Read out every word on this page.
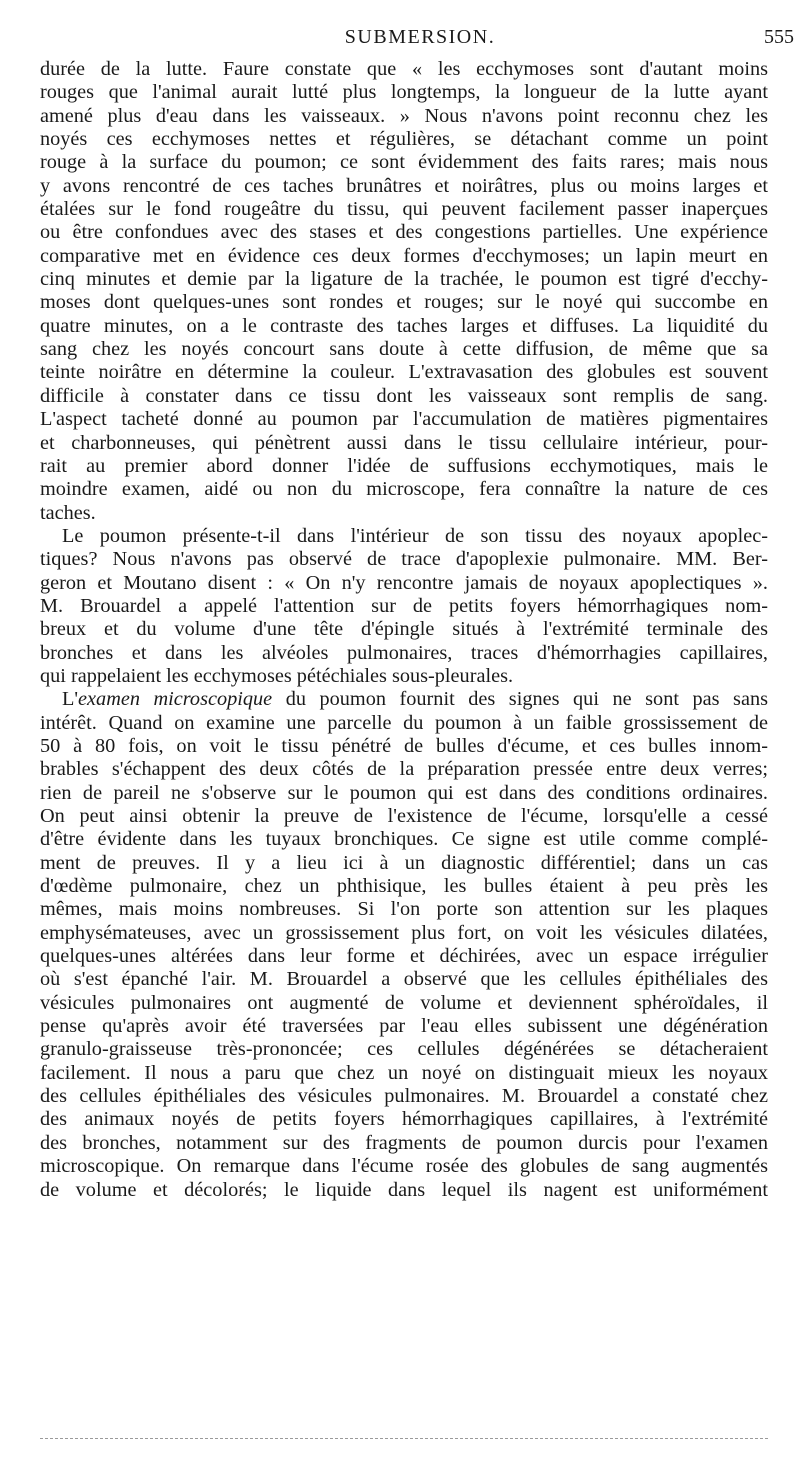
SUBMERSION.	555
durée de la lutte. Faure constate que « les ecchymoses sont d'autant moins
rouges que l'animal aurait lutté plus longtemps, la longueur de la lutte ayant
amené plus d'eau dans les vaisseaux. » Nous n'avons point reconnu chez les
noyés ces ecchymoses nettes et régulières, se détachant comme un point
rouge à la surface du poumon; ce sont évidemment des faits rares; mais nous
y avons rencontré de ces taches brunâtres et noirâtres, plus ou moins larges et
étalées sur le fond rougeâtre du tissu, qui peuvent facilement passer inaperçues
ou être confondues avec des stases et des congestions partielles. Une expérience
comparative met en évidence ces deux formes d'ecchymoses; un lapin meurt en
cinq minutes et demie par la ligature de la trachée, le poumon est tigré d'ecchy-
moses dont quelques-unes sont rondes et rouges; sur le noyé qui succombe en
quatre minutes, on a le contraste des taches larges et diffuses. La liquidité du
sang chez les noyés concourt sans doute à cette diffusion, de même que sa
teinte noirâtre en détermine la couleur. L'extravasation des globules est souvent
difficile à constater dans ce tissu dont les vaisseaux sont remplis de sang.
L'aspect tacheté donné au poumon par l'accumulation de matières pigmentaires
et charbonneuses, qui pénètrent aussi dans le tissu cellulaire intérieur, pour-
rait au premier abord donner l'idée de suffusions ecchymotiques, mais le
moindre examen, aidé ou non du microscope, fera connaître la nature de ces
taches.
Le poumon présente-t-il dans l'intérieur de son tissu des noyaux apoplec-
tiques? Nous n'avons pas observé de trace d'apoplexie pulmonaire. MM. Ber-
geron et Moutano disent : « On n'y rencontre jamais de noyaux apoplectiques ».
M. Brouardel a appelé l'attention sur de petits foyers hémorrhagiques nom-
breux et du volume d'une tête d'épingle situés à l'extrémité terminale des
bronches et dans les alvéoles pulmonaires, traces d'hémorrhagies capillaires,
qui rappelaient les ecchymoses pétéchiales sous-pleurales.
L'examen microscopique du poumon fournit des signes qui ne sont pas sans
intérêt. Quand on examine une parcelle du poumon à un faible grossissement de
50 à 80 fois, on voit le tissu pénétré de bulles d'écume, et ces bulles innom-
brables s'échappent des deux côtés de la préparation pressée entre deux verres;
rien de pareil ne s'observe sur le poumon qui est dans des conditions ordinaires.
On peut ainsi obtenir la preuve de l'existence de l'écume, lorsqu'elle a cessé
d'être évidente dans les tuyaux bronchiques. Ce signe est utile comme complé-
ment de preuves. Il y a lieu ici à un diagnostic différentiel; dans un cas
d'œdème pulmonaire, chez un phthisique, les bulles étaient à peu près les
mêmes, mais moins nombreuses. Si l'on porte son attention sur les plaques
emphysémateuses, avec un grossissement plus fort, on voit les vésicules dilatées,
quelques-unes altérées dans leur forme et déchirées, avec un espace irrégulier
où s'est épanché l'air. M. Brouardel a observé que les cellules épithéliales des
vésicules pulmonaires ont augmenté de volume et deviennent sphéroïdales, il
pense qu'après avoir été traversées par l'eau elles subissent une dégénération
granulo-graisseuse très-prononcée; ces cellules dégénérées se détacheraient
facilement. Il nous a paru que chez un noyé on distinguait mieux les noyaux
des cellules épithéliales des vésicules pulmonaires. M. Brouardel a constaté chez
des animaux noyés de petits foyers hémorrhagiques capillaires, à l'extrémité
des bronches, notamment sur des fragments de poumon durcis pour l'examen
microscopique. On remarque dans l'écume rosée des globules de sang augmentés
de volume et décolorés; le liquide dans lequel ils nagent est uniformément
